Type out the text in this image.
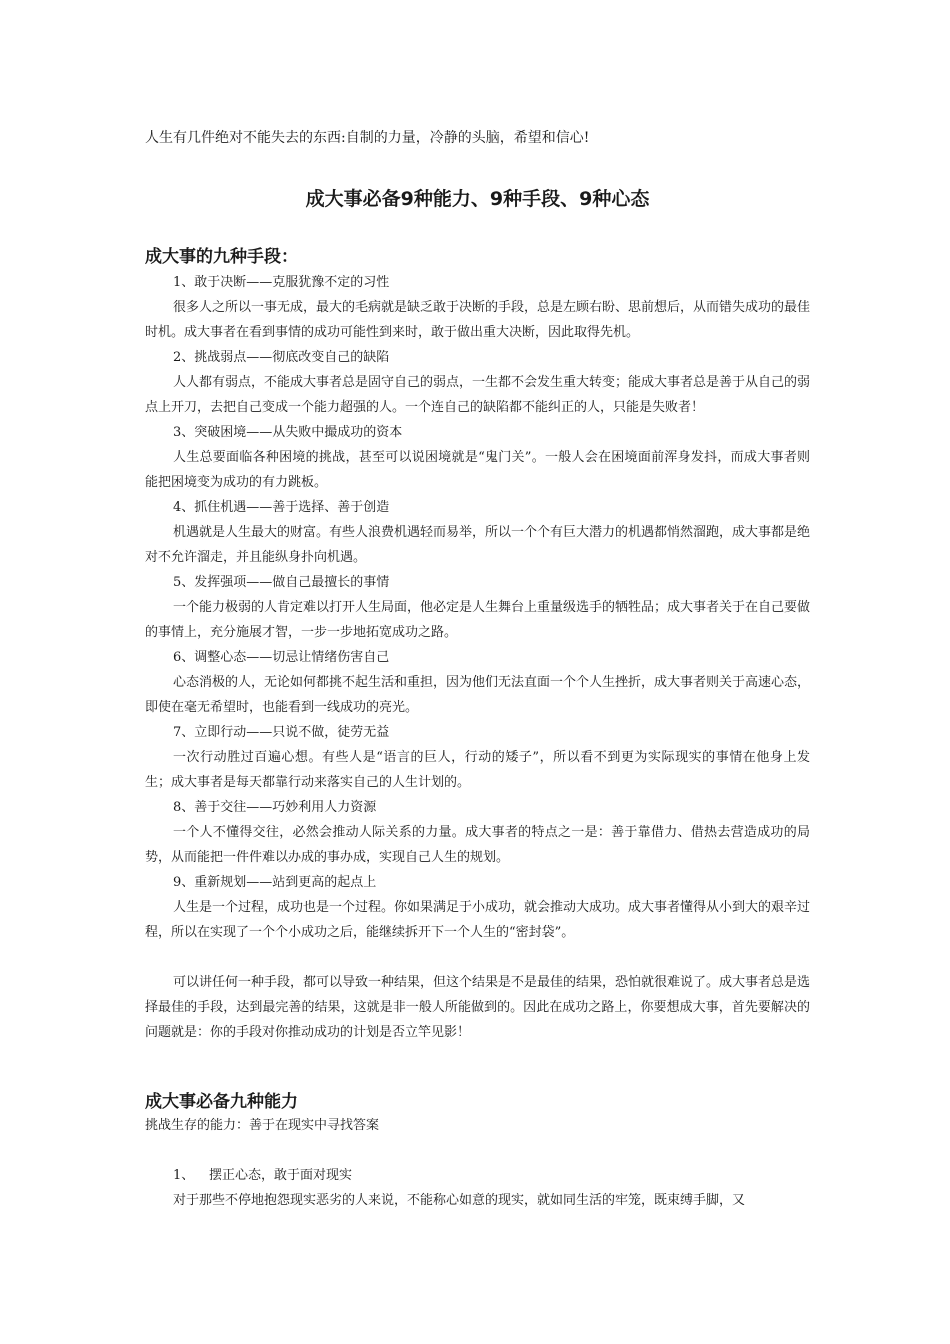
人生有几件绝对不能失去的东西:自制的力量，冷静的头脑，希望和信心!
成大事必备9种能力、9种手段、9种心态
成大事的九种手段：

1、敢于决断——克服犹豫不定的习性

很多人之所以一事无成，最大的毛病就是缺乏敢于决断的手段，总是左顾右盼、思前想后，从而错失成功的最佳时机。成大事者在看到事情的成功可能性到来时，敢于做出重大决断，因此取得先机。

2、挑战弱点——彻底改变自己的缺陷

人人都有弱点，不能成大事者总是固守自己的弱点，一生都不会发生重大转变；能成大事者总是善于从自己的弱点上开刀，去把自己变成一个能力超强的人。一个连自己的缺陷都不能纠正的人，只能是失败者！

3、突破困境——从失败中撮成功的资本

人生总要面临各种困境的挑战，甚至可以说困境就是“鬼门关”。一般人会在困境面前浑身发抖，而成大事者则能把困境变为成功的有力跳板。

4、抓住机遇——善于选择、善于创造

机遇就是人生最大的财富。有些人浪费机遇轻而易举，所以一个个有巨大潜力的机遇都悄然溜跑，成大事都是绝对不允许溜走，并且能纵身扑向机遇。

5、发挥强项——做自己最擅长的事情

一个能力极弱的人肯定难以打开人生局面，他必定是人生舞台上重量级选手的牺牲品；成大事者关于在自己要做的事情上，充分施展才智，一步一步地拓宽成功之路。

6、调整心态——切忌让情绪伤害自己

心态消极的人，无论如何都挑不起生活和重担，因为他们无法直面一个个人生挫折，成大事者则关于高速心态，即使在毫无希望时，也能看到一线成功的亮光。

7、立即行动——只说不做，徒劳无益

一次行动胜过百遍心想。有些人是“语言的巨人，行动的矮子”，所以看不到更为实际现实的事情在他身上发生；成大事者是每天都靠行动来落实自己的人生计划的。

8、善于交往——巧妙利用人力资源

一个人不懂得交往，必然会推动人际关系的力量。成大事者的特点之一是：善于靠借力、借热去营造成功的局势，从而能把一件件难以办成的事办成，实现自己人生的规划。

9、重新规划——站到更高的起点上

人生是一个过程，成功也是一个过程。你如果满足于小成功，就会推动大成功。成大事者懂得从小到大的艰辛过程，所以在实现了一个个小成功之后，能继续拆开下一个人生的“密封袋”。

可以讲任何一种手段，都可以导致一种结果，但这个结果是不是最佳的结果，恐怕就很难说了。成大事者总是选择最佳的手段，达到最完善的结果，这就是非一般人所能做到的。因此在成功之路上，你要想成大事，首先要解决的问题就是：你的手段对你推动成功的计划是否立竿见影！

成大事必备九种能力

挑战生存的能力：善于在现实中寻找答案

1、 摆正心态，敢于面对现实

对于那些不停地抱怨现实恶劣的人来说，不能称心如意的现实，就如同生活的牢笼，既束缚手脚，又
